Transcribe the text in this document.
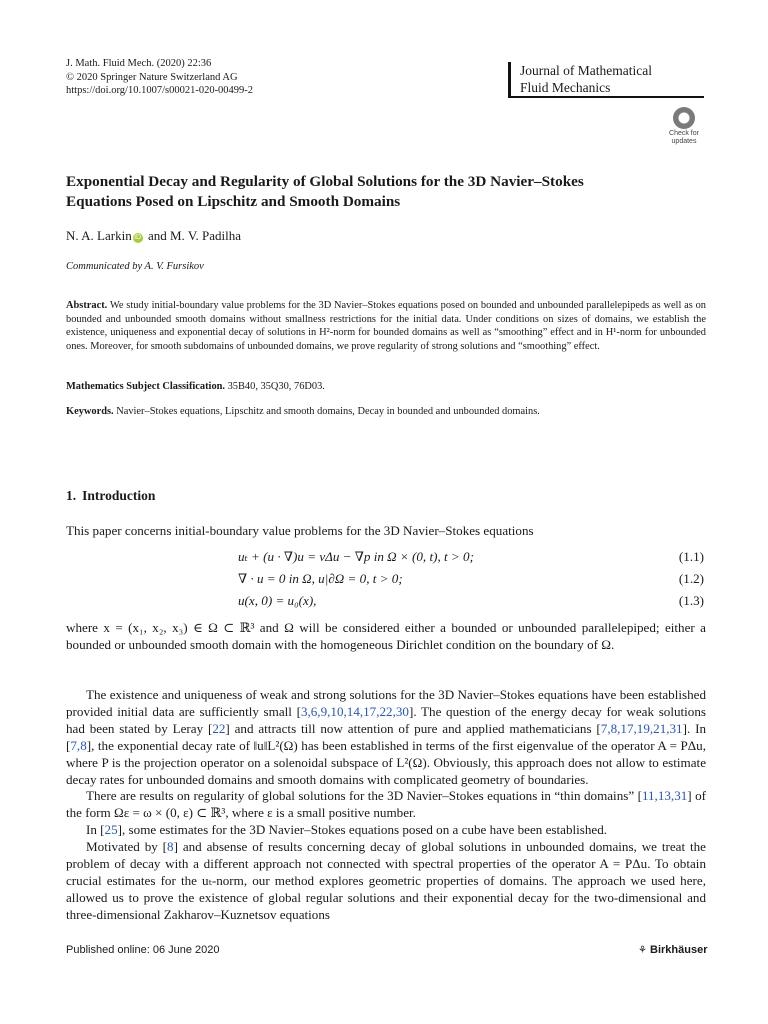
J. Math. Fluid Mech. (2020) 22:36
© 2020 Springer Nature Switzerland AG
https://doi.org/10.1007/s00021-020-00499-2
Journal of Mathematical
Fluid Mechanics
Check for
updates
Exponential Decay and Regularity of Global Solutions for the 3D Navier–Stokes
Equations Posed on Lipschitz and Smooth Domains
N. A. Larkin iD and M. V. Padilha
Communicated by A. V. Fursikov
Abstract. We study initial-boundary value problems for the 3D Navier–Stokes equations posed on bounded and unbounded parallelepipeds as well as on bounded and unbounded smooth domains without smallness restrictions for the initial data. Under conditions on sizes of domains, we establish the existence, uniqueness and exponential decay of solutions in H²-norm for bounded domains as well as “smoothing” effect and in H¹-norm for unbounded ones. Moreover, for smooth subdomains of unbounded domains, we prove regularity of strong solutions and “smoothing” effect.
Mathematics Subject Classification. 35B40, 35Q30, 76D03.
Keywords. Navier–Stokes equations, Lipschitz and smooth domains, Decay in bounded and unbounded domains.
1. Introduction
This paper concerns initial-boundary value problems for the 3D Navier–Stokes equations
uₜ + (u · ∇)u = νΔu − ∇p in Ω × (0, t), t > 0;	(1.1)
∇ · u = 0 in Ω, u|∂Ω = 0, t > 0;	(1.2)
u(x, 0) = u₀(x),	(1.3)
where x = (x₁, x₂, x₃) ∈ Ω ⊂ ℝ³ and Ω will be considered either a bounded or unbounded parallelepiped; either a bounded or unbounded smooth domain with the homogeneous Dirichlet condition on the boundary of Ω.
The existence and uniqueness of weak and strong solutions for the 3D Navier–Stokes equations have been established provided initial data are sufficiently small [3,6,9,10,14,17,22,30]. The question of the energy decay for weak solutions had been stated by Leray [22] and attracts till now attention of pure and applied mathematicians [7,8,17,19,21,31]. In [7,8], the exponential decay rate of ‖u‖L²(Ω) has been established in terms of the first eigenvalue of the operator A = PΔu, where P is the projection operator on a solenoidal subspace of L²(Ω). Obviously, this approach does not allow to estimate decay rates for unbounded domains and smooth domains with complicated geometry of boundaries.
There are results on regularity of global solutions for the 3D Navier–Stokes equations in “thin domains” [11,13,31] of the form Ωε = ω × (0, ε) ⊂ ℝ³, where ε is a small positive number.
In [25], some estimates for the 3D Navier–Stokes equations posed on a cube have been established.
Motivated by [8] and absense of results concerning decay of global solutions in unbounded domains, we treat the problem of decay with a different approach not connected with spectral properties of the operator A = PΔu. To obtain crucial estimates for the uₜ-norm, our method explores geometric properties of domains. The approach we used here, allowed us to prove the existence of global regular solutions and their exponential decay for the two-dimensional and three-dimensional Zakharov–Kuznetsov equations
Published online: 06 June 2020	⚘ Birkhäuser
